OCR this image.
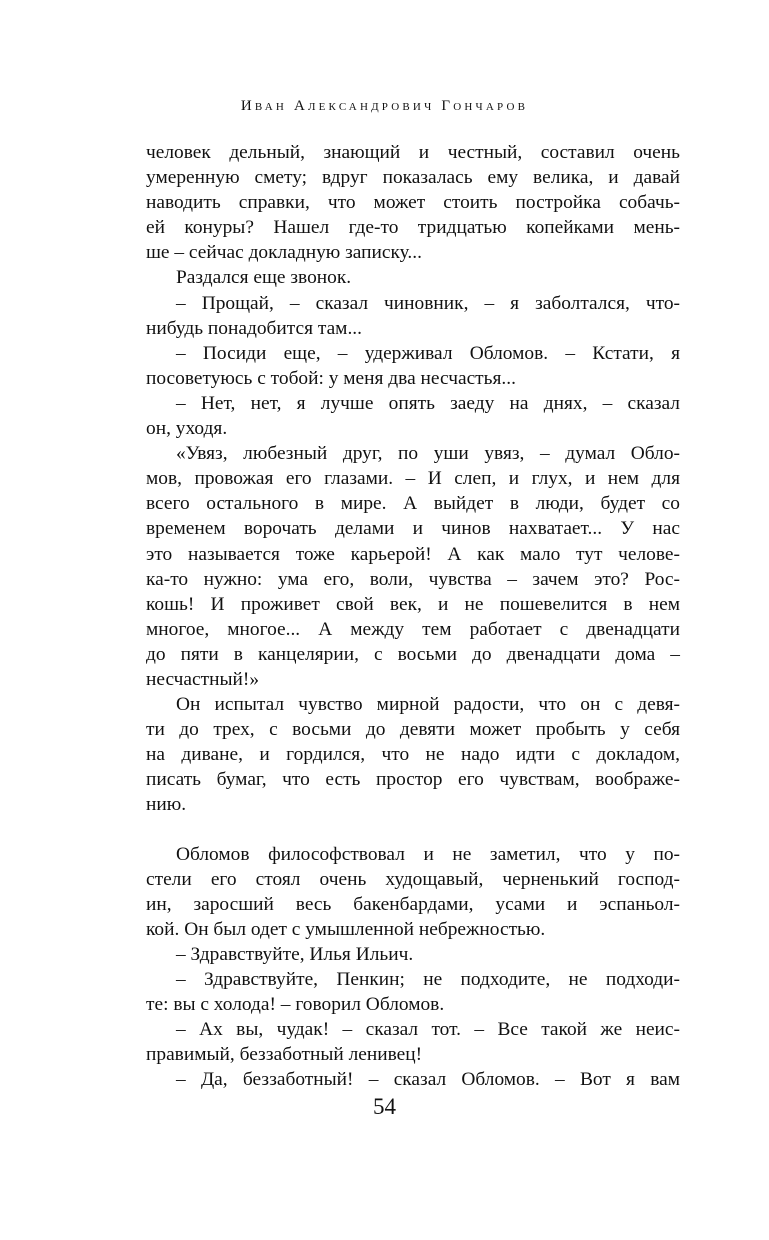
Иван Александрович Гончаров
человек дельный, знающий и честный, составил очень
умеренную смету; вдруг показалась ему велика, и давай
наводить справки, что может стоить постройка собачь-
ей конуры? Нашел где-то тридцатью копейками мень-
ше – сейчас докладную записку...
Раздался еще звонок.
– Прощай, – сказал чиновник, – я заболтался, что-
нибудь понадобится там...
– Посиди еще, – удерживал Обломов. – Кстати, я
посоветуюсь с тобой: у меня два несчастья...
– Нет, нет, я лучше опять заеду на днях, – сказал
он, уходя.
«Увяз, любезный друг, по уши увяз, – думал Обло-
мов, провожая его глазами. – И слеп, и глух, и нем для
всего остального в мире. А выйдет в люди, будет со
временем ворочать делами и чинов нахватает... У нас
это называется тоже карьерой! А как мало тут челове-
ка-то нужно: ума его, воли, чувства – зачем это? Рос-
кошь! И проживет свой век, и не пошевелится в нем
многое, многое... А между тем работает с двенадцати
до пяти в канцелярии, с восьми до двенадцати дома –
несчастный!»
Он испытал чувство мирной радости, что он с девя-
ти до трех, с восьми до девяти может пробыть у себя
на диване, и гордился, что не надо идти с докладом,
писать бумаг, что есть простор его чувствам, воображе-
нию.
Обломов философствовал и не заметил, что у по-
стели его стоял очень худощавый, черненький господ-
ин, заросший весь бакенбардами, усами и эспаньол-
кой. Он был одет с умышленной небрежностью.
– Здравствуйте, Илья Ильич.
– Здравствуйте, Пенкин; не подходите, не подходи-
те: вы с холода! – говорил Обломов.
– Ах вы, чудак! – сказал тот. – Все такой же неис-
правимый, беззаботный ленивец!
– Да, беззаботный! – сказал Обломов. – Вот я вам
54
